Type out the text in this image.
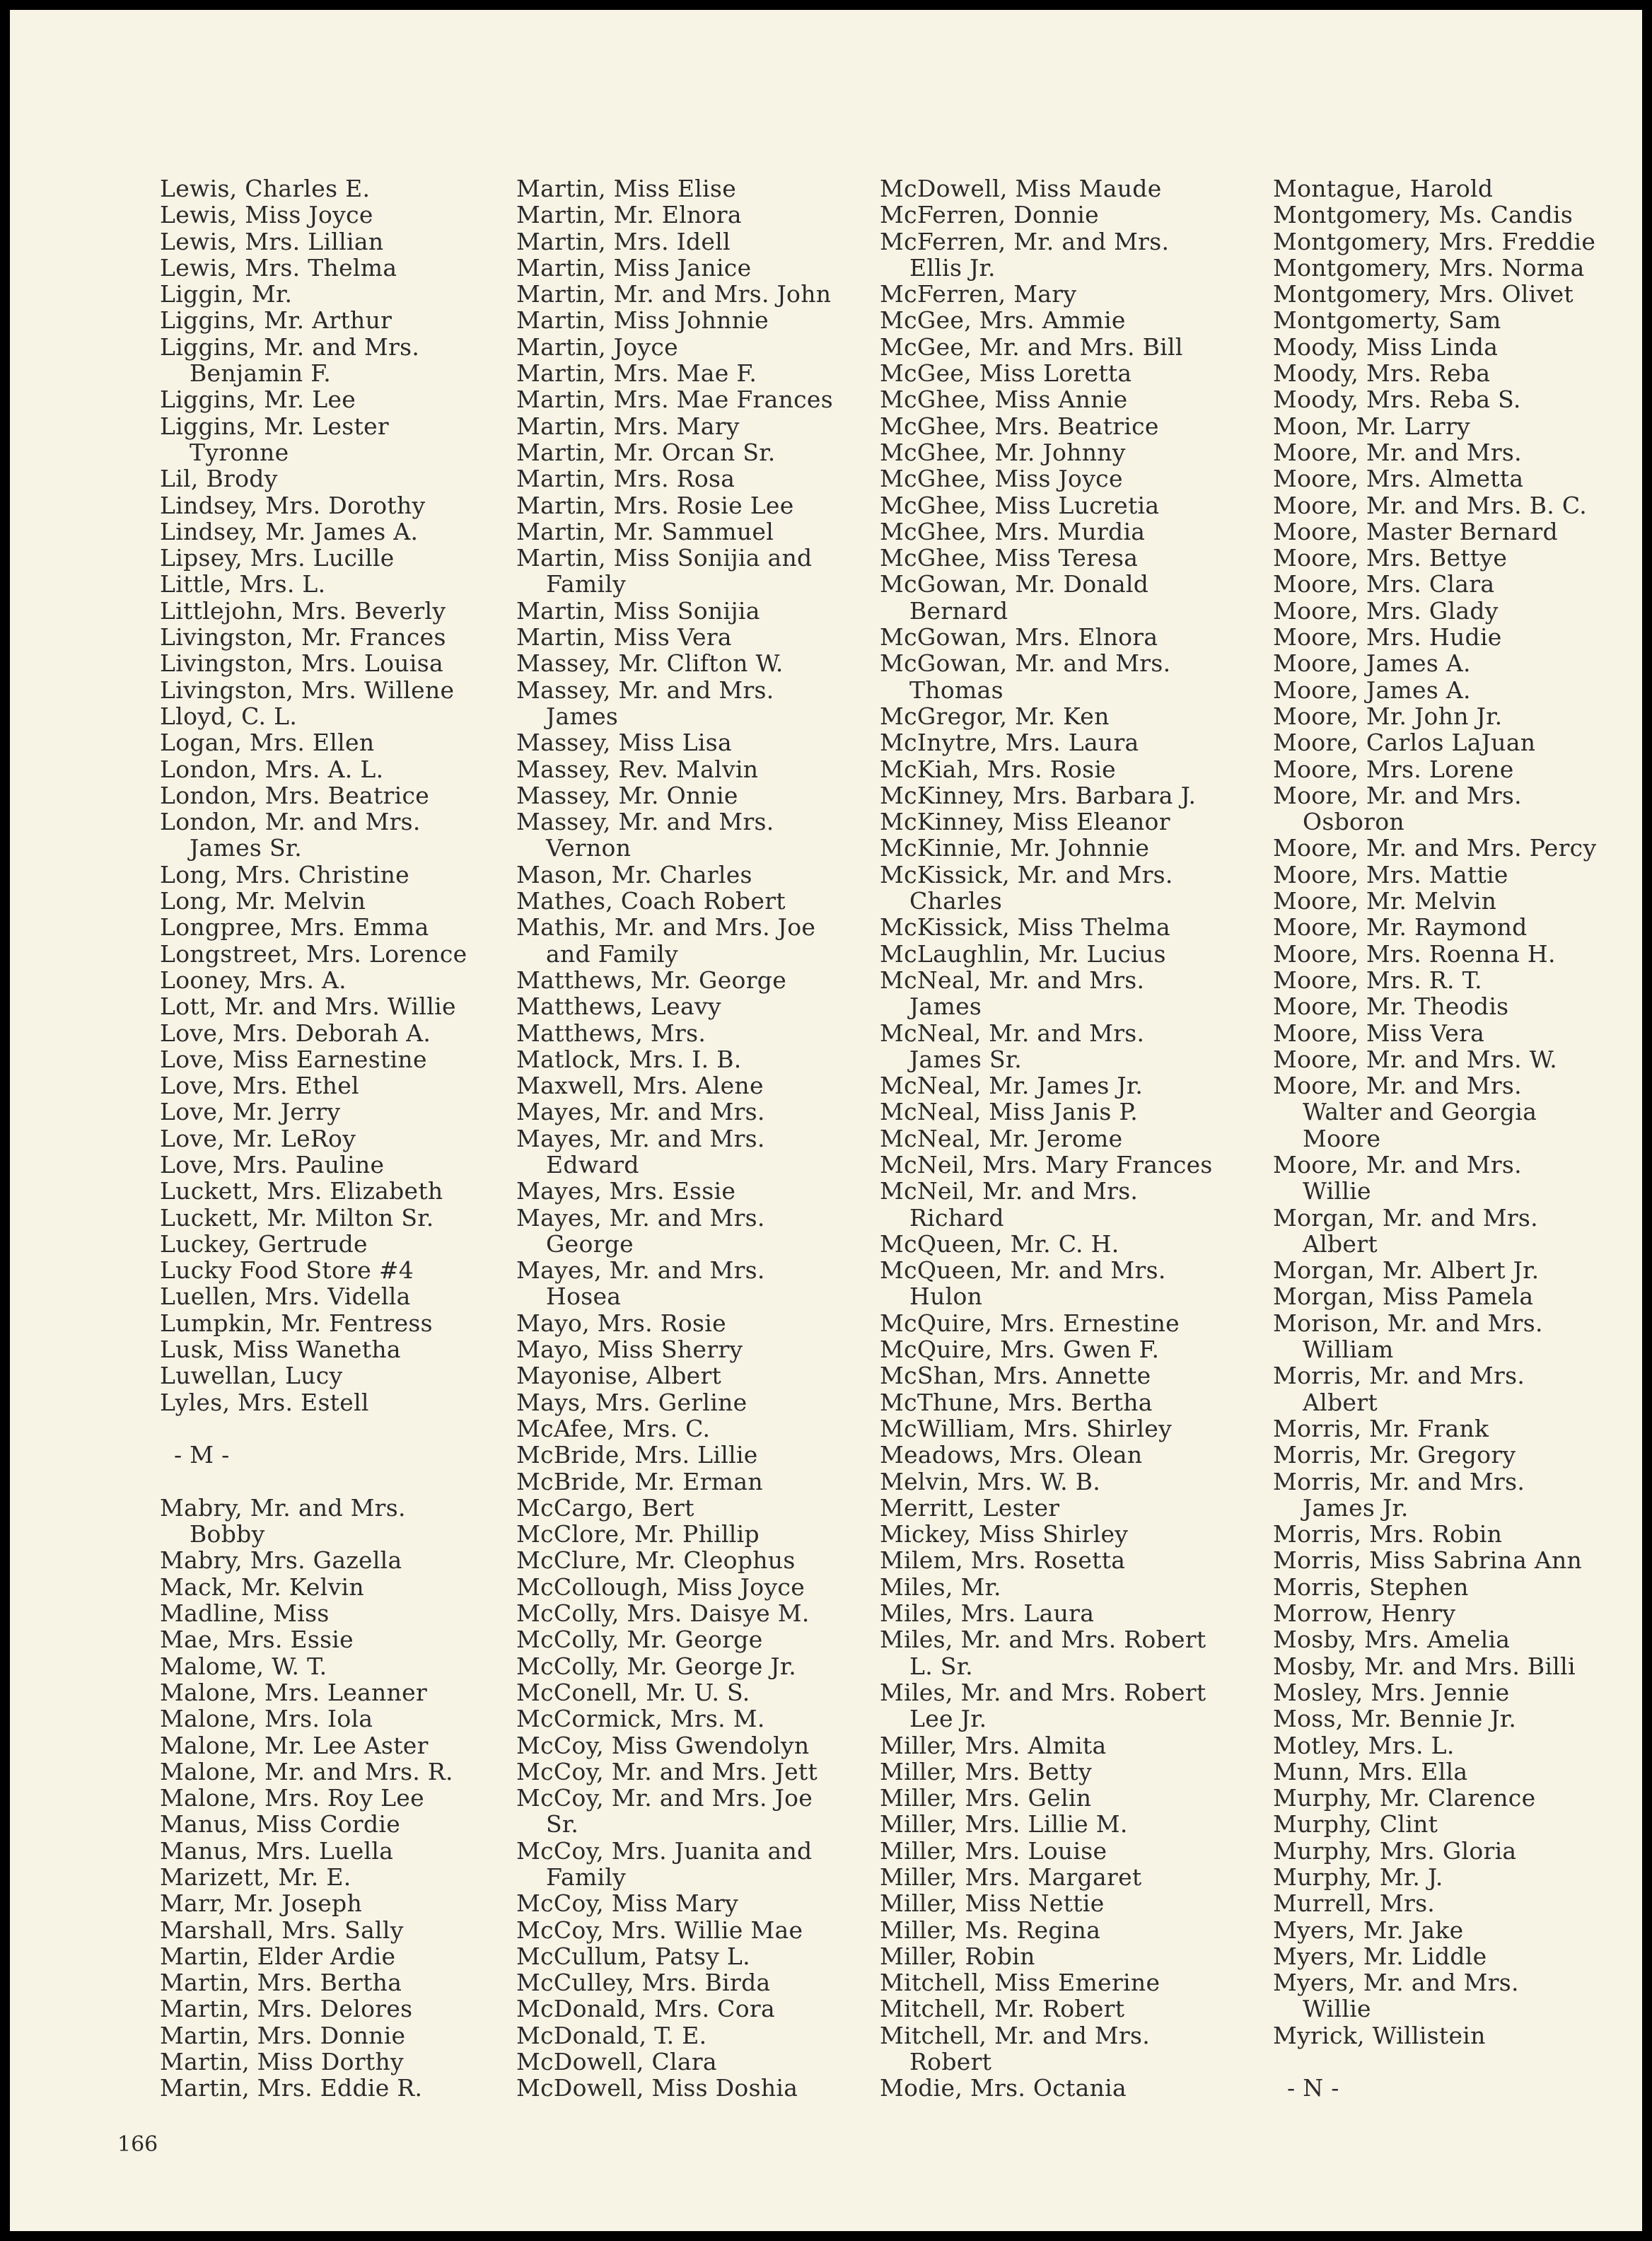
Lewis, Charles E.
Lewis, Miss Joyce
Lewis, Mrs. Lillian
Lewis, Mrs. Thelma
Liggin, Mr.
Liggins, Mr. Arthur
Liggins, Mr. and Mrs.
Benjamin F.
Liggins, Mr. Lee
Liggins, Mr. Lester
Tyronne
Lil, Brody
Lindsey, Mrs. Dorothy
Lindsey, Mr. James A.
Lipsey, Mrs. Lucille
Little, Mrs. L.
Littlejohn, Mrs. Beverly
Livingston, Mr. Frances
Livingston, Mrs. Louisa
Livingston, Mrs. Willene
Lloyd, C. L.
Logan, Mrs. Ellen
London, Mrs. A. L.
London, Mrs. Beatrice
London, Mr. and Mrs.
James Sr.
Long, Mrs. Christine
Long, Mr. Melvin
Longpree, Mrs. Emma
Longstreet, Mrs. Lorence
Looney, Mrs. A.
Lott, Mr. and Mrs. Willie
Love, Mrs. Deborah A.
Love, Miss Earnestine
Love, Mrs. Ethel
Love, Mr. Jerry
Love, Mr. LeRoy
Love, Mrs. Pauline
Luckett, Mrs. Elizabeth
Luckett, Mr. Milton Sr.
Luckey, Gertrude
Lucky Food Store #4
Luellen, Mrs. Vidella
Lumpkin, Mr. Fentress
Lusk, Miss Wanetha
Luwellan, Lucy
Lyles, Mrs. Estell
- M -
Mabry, Mr. and Mrs.
Bobby
Mabry, Mrs. Gazella
Mack, Mr. Kelvin
Madline, Miss
Mae, Mrs. Essie
Malome, W. T.
Malone, Mrs. Leanner
Malone, Mrs. Iola
Malone, Mr. Lee Aster
Malone, Mr. and Mrs. R.
Malone, Mrs. Roy Lee
Manus, Miss Cordie
Manus, Mrs. Luella
Marizett, Mr. E.
Marr, Mr. Joseph
Marshall, Mrs. Sally
Martin, Elder Ardie
Martin, Mrs. Bertha
Martin, Mrs. Delores
Martin, Mrs. Donnie
Martin, Miss Dorthy
Martin, Mrs. Eddie R.
Martin, Miss Elise
Martin, Mr. Elnora
Martin, Mrs. Idell
Martin, Miss Janice
Martin, Mr. and Mrs. John
Martin, Miss Johnnie
Martin, Joyce
Martin, Mrs. Mae F.
Martin, Mrs. Mae Frances
Martin, Mrs. Mary
Martin, Mr. Orcan Sr.
Martin, Mrs. Rosa
Martin, Mrs. Rosie Lee
Martin, Mr. Sammuel
Martin, Miss Sonijia and
Family
Martin, Miss Sonijia
Martin, Miss Vera
Massey, Mr. Clifton W.
Massey, Mr. and Mrs.
James
Massey, Miss Lisa
Massey, Rev. Malvin
Massey, Mr. Onnie
Massey, Mr. and Mrs.
Vernon
Mason, Mr. Charles
Mathes, Coach Robert
Mathis, Mr. and Mrs. Joe
and Family
Matthews, Mr. George
Matthews, Leavy
Matthews, Mrs.
Matlock, Mrs. I. B.
Maxwell, Mrs. Alene
Mayes, Mr. and Mrs.
Mayes, Mr. and Mrs.
Edward
Mayes, Mrs. Essie
Mayes, Mr. and Mrs.
George
Mayes, Mr. and Mrs.
Hosea
Mayo, Mrs. Rosie
Mayo, Miss Sherry
Mayonise, Albert
Mays, Mrs. Gerline
McAfee, Mrs. C.
McBride, Mrs. Lillie
McBride, Mr. Erman
McCargo, Bert
McClore, Mr. Phillip
McClure, Mr. Cleophus
McCollough, Miss Joyce
McColly, Mrs. Daisye M.
McColly, Mr. George
McColly, Mr. George Jr.
McConell, Mr. U. S.
McCormick, Mrs. M.
McCoy, Miss Gwendolyn
McCoy, Mr. and Mrs. Jett
McCoy, Mr. and Mrs. Joe
Sr.
McCoy, Mrs. Juanita and
Family
McCoy, Miss Mary
McCoy, Mrs. Willie Mae
McCullum, Patsy L.
McCulley, Mrs. Birda
McDonald, Mrs. Cora
McDonald, T. E.
McDowell, Clara
McDowell, Miss Doshia
McDowell, Miss Maude
McFerren, Donnie
McFerren, Mr. and Mrs.
Ellis Jr.
McFerren, Mary
McGee, Mrs. Ammie
McGee, Mr. and Mrs. Bill
McGee, Miss Loretta
McGhee, Miss Annie
McGhee, Mrs. Beatrice
McGhee, Mr. Johnny
McGhee, Miss Joyce
McGhee, Miss Lucretia
McGhee, Mrs. Murdia
McGhee, Miss Teresa
McGowan, Mr. Donald
Bernard
McGowan, Mrs. Elnora
McGowan, Mr. and Mrs.
Thomas
McGregor, Mr. Ken
McInytre, Mrs. Laura
McKiah, Mrs. Rosie
McKinney, Mrs. Barbara J.
McKinney, Miss Eleanor
McKinnie, Mr. Johnnie
McKissick, Mr. and Mrs.
Charles
McKissick, Miss Thelma
McLaughlin, Mr. Lucius
McNeal, Mr. and Mrs.
James
McNeal, Mr. and Mrs.
James Sr.
McNeal, Mr. James Jr.
McNeal, Miss Janis P.
McNeal, Mr. Jerome
McNeil, Mrs. Mary Frances
McNeil, Mr. and Mrs.
Richard
McQueen, Mr. C. H.
McQueen, Mr. and Mrs.
Hulon
McQuire, Mrs. Ernestine
McQuire, Mrs. Gwen F.
McShan, Mrs. Annette
McThune, Mrs. Bertha
McWilliam, Mrs. Shirley
Meadows, Mrs. Olean
Melvin, Mrs. W. B.
Merritt, Lester
Mickey, Miss Shirley
Milem, Mrs. Rosetta
Miles, Mr.
Miles, Mrs. Laura
Miles, Mr. and Mrs. Robert
L. Sr.
Miles, Mr. and Mrs. Robert
Lee Jr.
Miller, Mrs. Almita
Miller, Mrs. Betty
Miller, Mrs. Gelin
Miller, Mrs. Lillie M.
Miller, Mrs. Louise
Miller, Mrs. Margaret
Miller, Miss Nettie
Miller, Ms. Regina
Miller, Robin
Mitchell, Miss Emerine
Mitchell, Mr. Robert
Mitchell, Mr. and Mrs.
Robert
Modie, Mrs. Octania
Montague, Harold
Montgomery, Ms. Candis
Montgomery, Mrs. Freddie
Montgomery, Mrs. Norma
Montgomery, Mrs. Olivet
Montgomerty, Sam
Moody, Miss Linda
Moody, Mrs. Reba
Moody, Mrs. Reba S.
Moon, Mr. Larry
Moore, Mr. and Mrs.
Moore, Mrs. Almetta
Moore, Mr. and Mrs. B. C.
Moore, Master Bernard
Moore, Mrs. Bettye
Moore, Mrs. Clara
Moore, Mrs. Glady
Moore, Mrs. Hudie
Moore, James A.
Moore, James A.
Moore, Mr. John Jr.
Moore, Carlos LaJuan
Moore, Mrs. Lorene
Moore, Mr. and Mrs.
Osboron
Moore, Mr. and Mrs. Percy
Moore, Mrs. Mattie
Moore, Mr. Melvin
Moore, Mr. Raymond
Moore, Mrs. Roenna H.
Moore, Mrs. R. T.
Moore, Mr. Theodis
Moore, Miss Vera
Moore, Mr. and Mrs. W.
Moore, Mr. and Mrs.
Walter and Georgia
Moore
Moore, Mr. and Mrs.
Willie
Morgan, Mr. and Mrs.
Albert
Morgan, Mr. Albert Jr.
Morgan, Miss Pamela
Morison, Mr. and Mrs.
William
Morris, Mr. and Mrs.
Albert
Morris, Mr. Frank
Morris, Mr. Gregory
Morris, Mr. and Mrs.
James Jr.
Morris, Mrs. Robin
Morris, Miss Sabrina Ann
Morris, Stephen
Morrow, Henry
Mosby, Mrs. Amelia
Mosby, Mr. and Mrs. Billi
Mosley, Mrs. Jennie
Moss, Mr. Bennie Jr.
Motley, Mrs. L.
Munn, Mrs. Ella
Murphy, Mr. Clarence
Murphy, Clint
Murphy, Mrs. Gloria
Murphy, Mr. J.
Murrell, Mrs.
Myers, Mr. Jake
Myers, Mr. Liddle
Myers, Mr. and Mrs.
Willie
Myrick, Willistein
- N -
166
